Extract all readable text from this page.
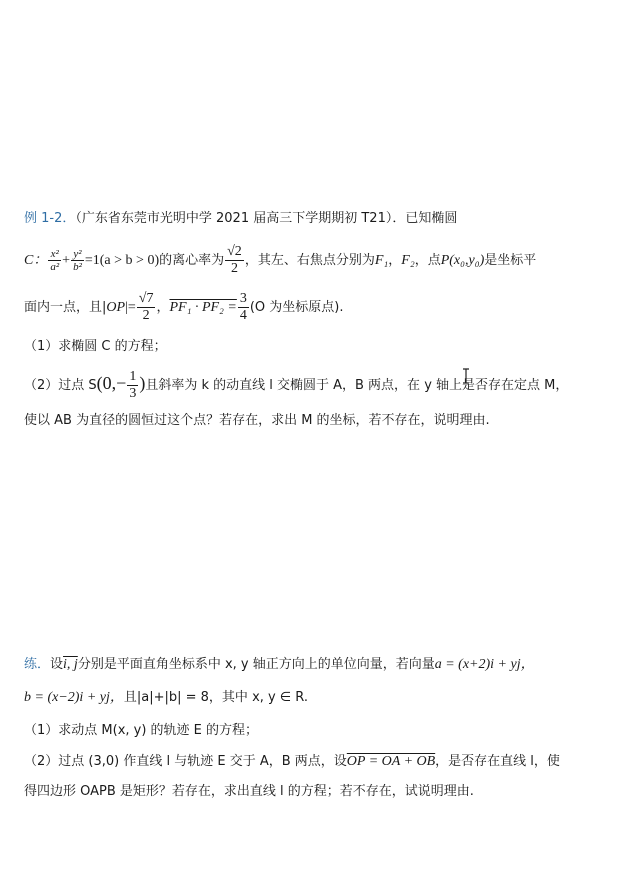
例 1-2．（广东省东莞市光明中学 2021 届高三下学期期初 T21）．已知椭圆
C： $\frac{\text{x²}}{\text{a²}} + \frac{\text{y²}}{\text{b²}} =1(a > b > 0)$的离心率为 $\frac{√2}{2}$ ，其左、右焦点分别为F₁，F₂，点P(x₀,y₀)是坐标平
面内一点，且$|OP|= \frac{√7}{2}$ ，$PF_1 \cdot PF_2 = \frac{3}{4} (O$ 为坐标原点).
（1）求椭圆 C 的方程；
（2）过点 $S(0,- \frac{1}{3}$ )且斜率为 k 的动直线 l 交椭圆于 A，B 两点，在 y 轴上是否存在定点 M，
使以 AB 为直径的圆恒过这个点？若存在，求出 M 的坐标，若不存在，说明理由.
练．设i, j分别是平面直角坐标系中 x, y 轴正方向上的单位向量，若向量a = (x+2)i + yj，
b = (x−2)i + yj，且|a|+|b| = 8，其中 x, y ∈ R.
（1）求动点 M(x, y) 的轨迹 E 的方程；
（2）过点 (3,0) 作直线 l 与轨迹 E 交于 A，B 两点，设OP = OA + OB，是否存在直线 l，使
得四边形 OAPB 是矩形？若存在，求出直线 l 的方程；若不存在，试说明理由.
